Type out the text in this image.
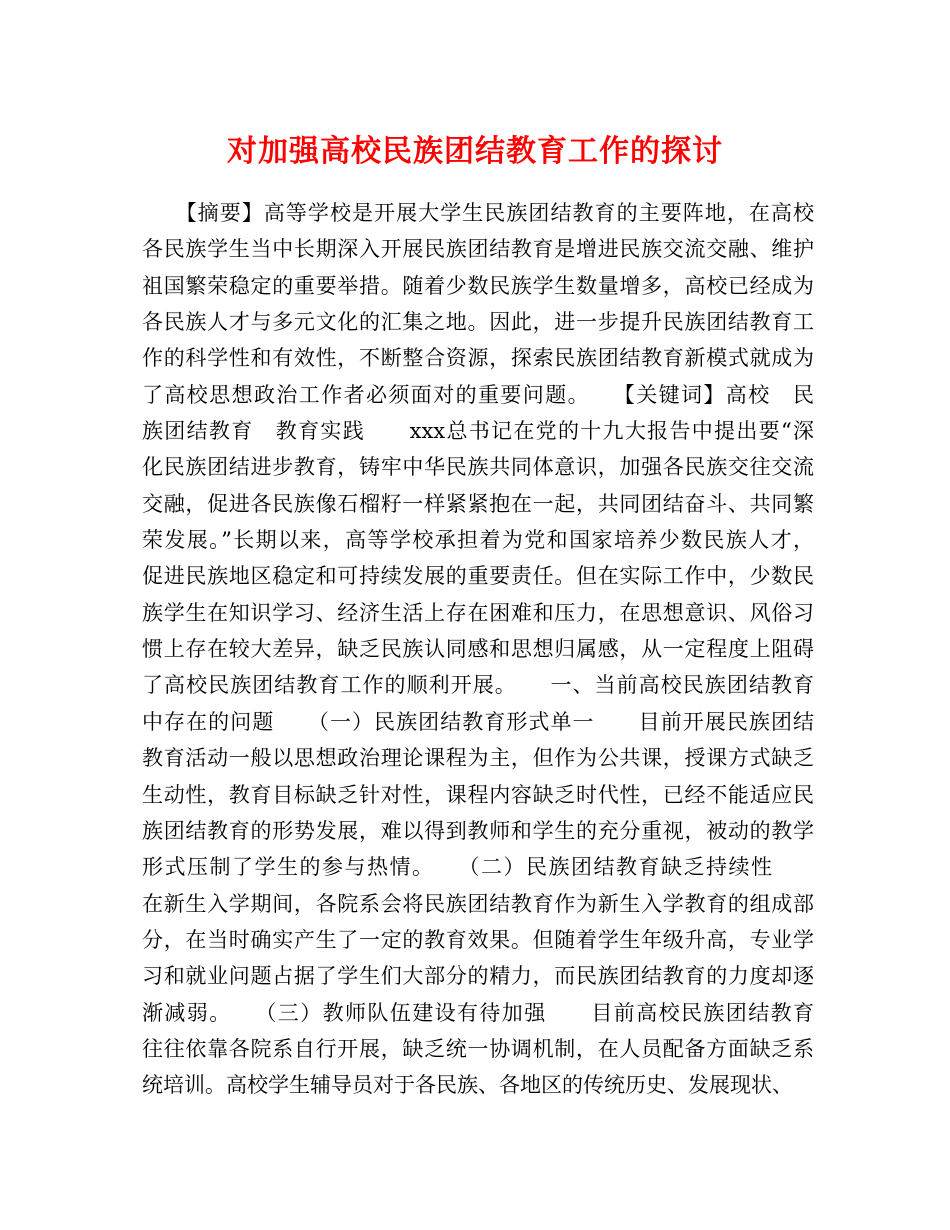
对加强高校民族团结教育工作的探讨
　　【摘要】高等学校是开展大学生民族团结教育的主要阵地，在高校
各民族学生当中长期深入开展民族团结教育是增进民族交流交融、维护
祖国繁荣稳定的重要举措。随着少数民族学生数量增多，高校已经成为
各民族人才与多元文化的汇集之地。因此，进一步提升民族团结教育工
作的科学性和有效性，不断整合资源，探索民族团结教育新模式就成为
了高校思想政治工作者必须面对的重要问题。　　【关键词】高校　民
族团结教育　教育实践　　xxx总书记在党的十九大报告中提出要“深
化民族团结进步教育，铸牢中华民族共同体意识，加强各民族交往交流
交融，促进各民族像石榴籽一样紧紧抱在一起，共同团结奋斗、共同繁
荣发展。”长期以来，高等学校承担着为党和国家培养少数民族人才，
促进民族地区稳定和可持续发展的重要责任。但在实际工作中，少数民
族学生在知识学习、经济生活上存在困难和压力，在思想意识、风俗习
惯上存在较大差异，缺乏民族认同感和思想归属感，从一定程度上阻碍
了高校民族团结教育工作的顺利开展。　　一、当前高校民族团结教育
中存在的问题　　（一）民族团结教育形式单一　　目前开展民族团结
教育活动一般以思想政治理论课程为主，但作为公共课，授课方式缺乏
生动性，教育目标缺乏针对性，课程内容缺乏时代性，已经不能适应民
族团结教育的形势发展，难以得到教师和学生的充分重视，被动的教学
形式压制了学生的参与热情。　　（二）民族团结教育缺乏持续性　　
在新生入学期间，各院系会将民族团结教育作为新生入学教育的组成部
分，在当时确实产生了一定的教育效果。但随着学生年级升高，专业学
习和就业问题占据了学生们大部分的精力，而民族团结教育的力度却逐
渐减弱。　　（三）教师队伍建设有待加强　　目前高校民族团结教育
往往依靠各院系自行开展，缺乏统一协调机制，在人员配备方面缺乏系
统培训。高校学生辅导员对于各民族、各地区的传统历史、发展现状、
